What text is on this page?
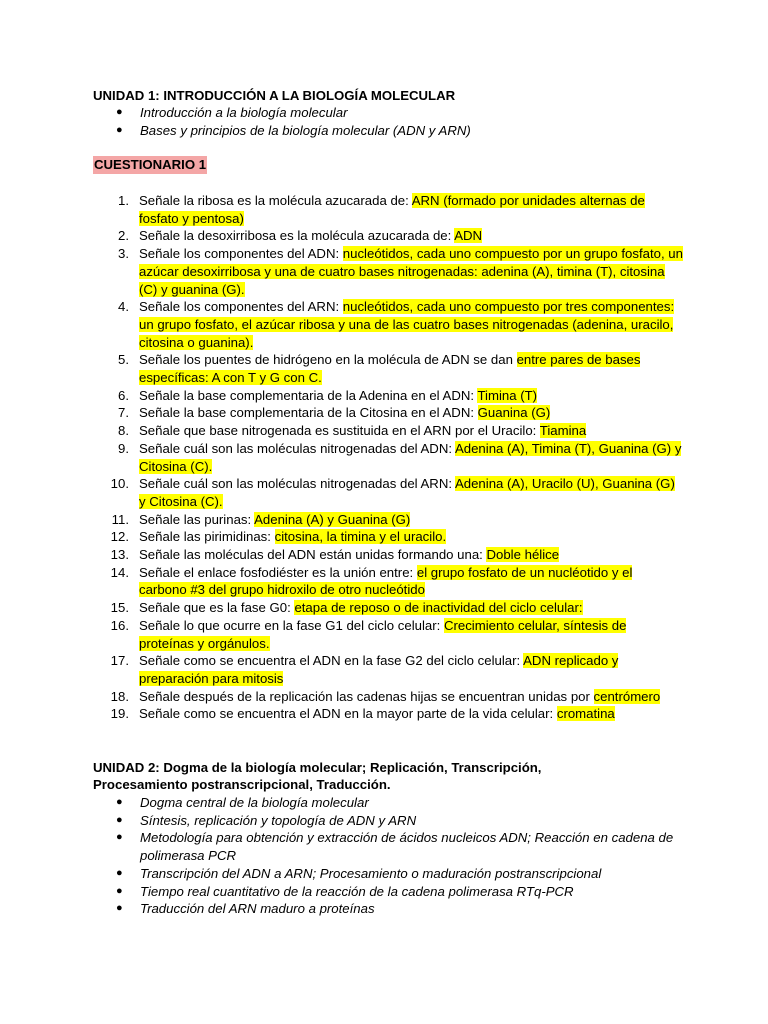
UNIDAD 1: INTRODUCCIÓN A LA BIOLOGÍA MOLECULAR
● Introducción a la biología molecular
● Bases y principios de la biología molecular (ADN y ARN)
CUESTIONARIO 1
1. Señale la ribosa es la molécula azucarada de: ARN (formado por unidades alternas de fosfato y pentosa)
2. Señale la desoxirribosa es la molécula azucarada de: ADN
3. Señale los componentes del ADN: nucleótidos, cada uno compuesto por un grupo fosfato, un azúcar desoxirribosa y una de cuatro bases nitrogenadas: adenina (A), timina (T), citosina (C) y guanina (G).
4. Señale los componentes del ARN: nucleótidos, cada uno compuesto por tres componentes: un grupo fosfato, el azúcar ribosa y una de las cuatro bases nitrogenadas (adenina, uracilo, citosina o guanina).
5. Señale los puentes de hidrógeno en la molécula de ADN se dan entre pares de bases específicas: A con T y G con C.
6. Señale la base complementaria de la Adenina en el ADN: Timina (T)
7. Señale la base complementaria de la Citosina en el ADN: Guanina (G)
8. Señale que base nitrogenada es sustituida en el ARN por el Uracilo: Tiamina
9. Señale cuál son las moléculas nitrogenadas del ADN: Adenina (A), Timina (T), Guanina (G) y Citosina (C).
10. Señale cuál son las moléculas nitrogenadas del ARN: Adenina (A), Uracilo (U), Guanina (G) y Citosina (C).
11. Señale las purinas: Adenina (A) y Guanina (G)
12. Señale las pirimidinas: citosina, la timina y el uracilo.
13. Señale las moléculas del ADN están unidas formando una: Doble hélice
14. Señale el enlace fosfodiéster es la unión entre: el grupo fosfato de un nucléotido y el carbono #3 del grupo hidroxilo de otro nucleótido
15. Señale que es la fase G0: etapa de reposo o de inactividad del ciclo celular:
16. Señale lo que ocurre en la fase G1 del ciclo celular: Crecimiento celular, síntesis de proteínas y orgánulos.
17. Señale como se encuentra el ADN en la fase G2 del ciclo celular: ADN replicado y preparación para mitosis
18. Señale después de la replicación las cadenas hijas se encuentran unidas por centrómero
19. Señale como se encuentra el ADN en la mayor parte de la vida celular: cromatina
UNIDAD 2: Dogma de la biología molecular; Replicación, Transcripción,
Procesamiento postranscripcional, Traducción.
● Dogma central de la biología molecular
● Síntesis, replicación y topología de ADN y ARN
● Metodología para obtención y extracción de ácidos nucleicos ADN; Reacción en cadena de polimerasa PCR
● Transcripción del ADN a ARN; Procesamiento o maduración postranscripcional
● Tiempo real cuantitativo de la reacción de la cadena polimerasa RTq-PCR
● Traducción del ARN maduro a proteínas
